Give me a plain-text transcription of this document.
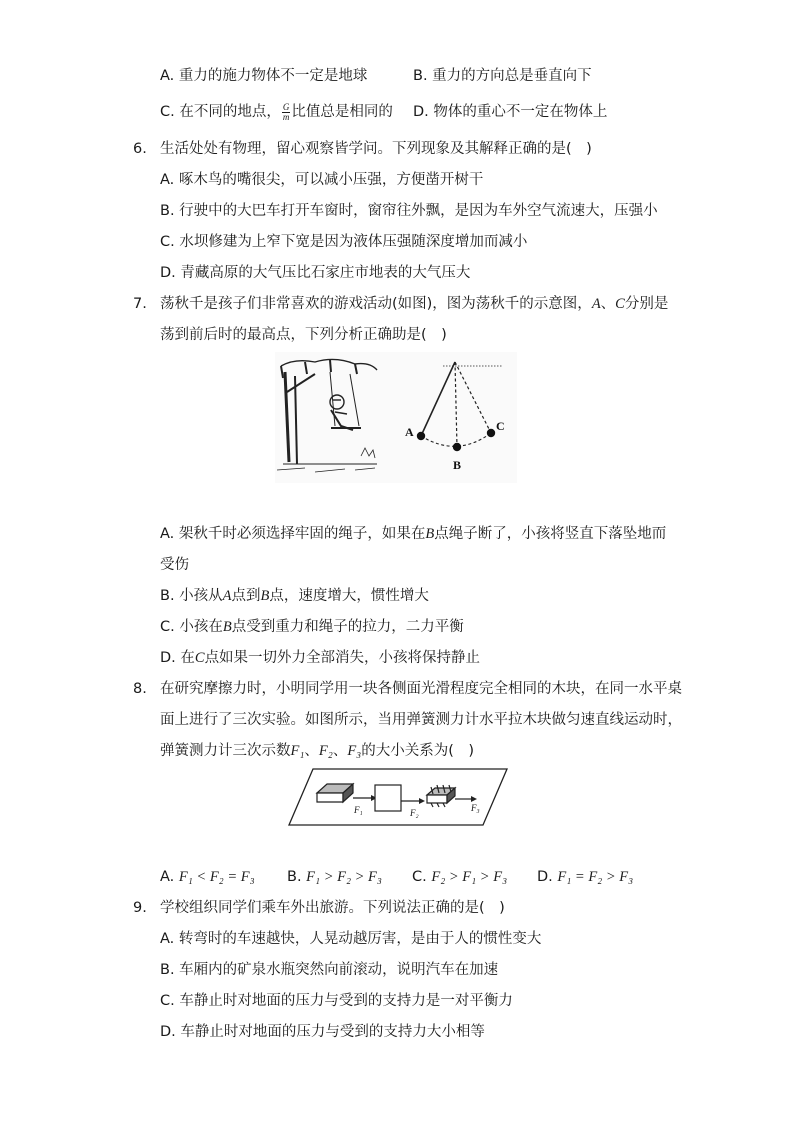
A. 重力的施力物体不一定是地球	B. 重力的方向总是垂直向下
C. 在不同的地点， $\frac{G}{m}$ 比值总是相同的 D. 物体的重心不一定在物体上
6. 生活处处有物理，留心观察皆学问。下列现象及其解释正确的是(　)
A. 啄木鸟的嘴很尖，可以减小压强，方便凿开树干
B. 行驶中的大巴车打开车窗时，窗帘往外飘，是因为车外空气流速大，压强小
C. 水坝修建为上窄下宽是因为液体压强随深度增加而减小
D. 青藏高原的大气压比石家庄市地表的大气压大
7. 荡秋千是孩子们非常喜欢的游戏活动(如图)，图为荡秋千的示意图，A、C分别是
荡到前后时的最高点，下列分析正确助是(　)
A
B
C
A. 架秋千时必须选择牢固的绳子，如果在B点绳子断了，小孩将竖直下落坠地而
受伤
B. 小孩从A点到B点，速度增大，惯性增大
C. 小孩在B点受到重力和绳子的拉力，二力平衡
D. 在C点如果一切外力全部消失，小孩将保持静止
8. 在研究摩擦力时，小明同学用一块各侧面光滑程度完全相同的木块，在同一水平桌
面上进行了三次实验。如图所示，当用弹簧测力计水平拉木块做匀速直线运动时，
弹簧测力计三次示数F₁、F₂、F₃的大小关系为(　)
F₁	F₂	F₃
A. F₁ < F₂ = F₃ B. F₁ > F₂ > F₃ C. F₂ > F₁ > F₃ D. F₁ = F₂ > F₃
9. 学校组织同学们乘车外出旅游。下列说法正确的是(　)
A. 转弯时的车速越快，人晃动越厉害，是由于人的惯性变大
B. 车厢内的矿泉水瓶突然向前滚动，说明汽车在加速
C. 车静止时对地面的压力与受到的支持力是一对平衡力
D. 车静止时对地面的压力与受到的支持力大小相等
